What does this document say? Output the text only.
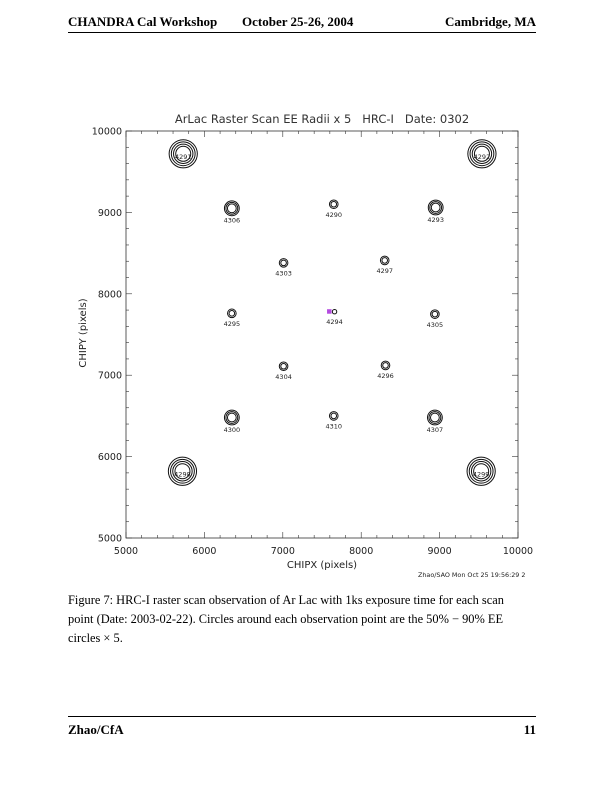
CHANDRA Cal Workshop October 25-26, 2004	Cambridge, MA
5000	6000	7000	8000	9000	10000
5000
6000
7000
8000
9000
10000
4291	4292
4306
4290
4293
4303	4297
4295	4294	4305
4304	4296
4300	4310	4307
4298	4299
ArLac Raster Scan EE Radii x 5   HRC-I   Date: 0302
CHIPX (pixels)
CHIPY (pixels)
Zhao/SAO Mon Oct 25 19:56:29 2
Figure 7: HRC-I raster scan observation of Ar Lac with 1ks exposure time for each scan
point (Date: 2003-02-22). Circles around each observation point are the 50% − 90% EE
circles × 5.
Zhao/CfA	11
